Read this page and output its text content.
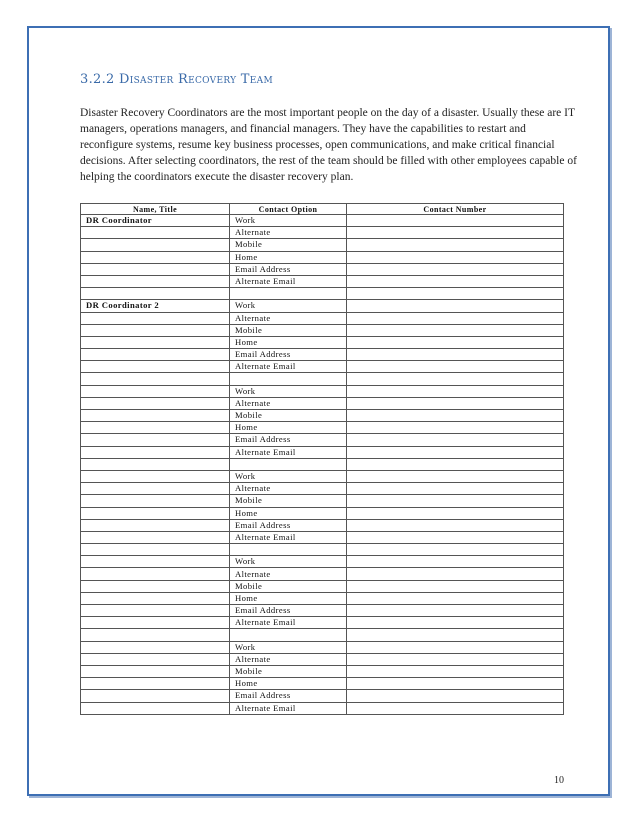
3.2.2 Disaster Recovery Team
Disaster Recovery Coordinators are the most important people on the day of a disaster. Usually these are IT managers, operations managers, and financial managers. They have the capabilities to restart and reconfigure systems, resume key business processes, open communications, and make critical financial decisions. After selecting coordinators, the rest of the team should be filled with other employees capable of helping the coordinators execute the disaster recovery plan.
Name, Title	Contact Option	Contact Number
DR Coordinator	Work	
	Alternate	
	Mobile	
	Home	
	Email Address	
	Alternate Email	

DR Coordinator 2	Work	
	Alternate	
	Mobile	
	Home	
	Email Address	
	Alternate Email	

	Work	
	Alternate	
	Mobile	
	Home	
	Email Address	
	Alternate Email	

	Work	
	Alternate	
	Mobile	
	Home	
	Email Address	
	Alternate Email	

	Work	
	Alternate	
	Mobile	
	Home	
	Email Address	
	Alternate Email	

	Work	
	Alternate	
	Mobile	
	Home	
	Email Address	
	Alternate Email	
10
